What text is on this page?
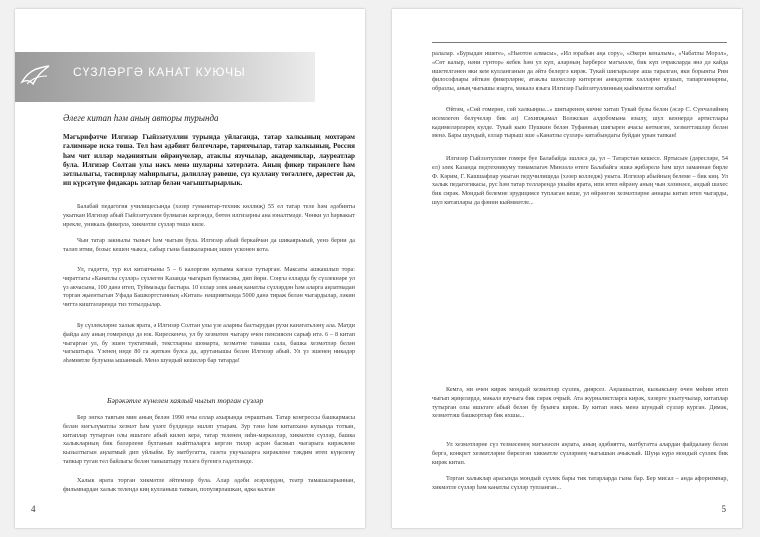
СҮЗЛӘРГӘ КАНАТ КУЮЧЫ
Әлеге китап һәм аның авторы турында
Мәгърифәтче Илгизәр Гыйззәтуллин турында уйлаганда, татар халкының мохтәрәм галимнәре искә төшә. Тел һәм әдәбият белгечләре, тарихчылар, татар халкының, Россия һәм чит илләр мәдәниятын өйрәнүчеләр, атаклы язучылар, академиклар, лауреатлар була. Илгизәр Солтан улы нәкъ менә шуларны хәтерләтә. Аның фикер тирәнлеге һәм зәтлылыгы, тасвирлау маһирлыгы, дәлилләү рәвеше, сүз куллану төгәллеге, дәрестән да, ип күрсәтүне фидакарь затлар белән чагыштырырлык.

Балабай педагогия училищесында (хәзер гуманитар-техник көллиҗ) 55 ел татар теле һәм әдәбияты укыткан Илгизәр абый Гыйззәтуллин булмаган кергәндә, бөтен илгизәрны ана юналтмәде. Чөнки ул һәрвакыт ирекле, уникаль фикерлә, хикмәтле сүзләр төшә киле.

Чын татар закнылы тыныч һәм чыгым була. Илгизәр абый беркайчан да шикаярьмый, уенэ берни да таләп итми, бозыс кешен чыкса, сабыр гына башкаларның эшен үсконен кота.

Ул, гадәттә, тур юл китапчыны 5 – 6 калоргәм кулъяма кәгазә тутырган. Максаты ашкашлып тора: чираттагы «Канатлы сүзләр» сүзлеген Казанда чыгарып булмасмы, дип йөри. Соңгы елларда бу сүзлекнәре ул үз акчасына, 100 данә итеп, Туймазыда бастыра. 10 еллар элек аның канатлы сүзләрдән һәм аларга аңлатмадан торган җыентыгын Уфада Башкортстанның «Китап» нәшриятында 5000 данә тираж белән чыгардылар, ләкин читтә киштәләрендә тиз тотылдылар.

Бу сүзлекләрне халык ярата, ә Илгизәр Солтан улы үзе аларны бастырудан рухи канәгатьләнү ала. Матди файда алу аның гомерендә дә юк. Кирескенчә, ул бу хезмәтен чыгару өчен пенсиясен сарыф итә. 6 – 8 китап чыгарган ул, бу эшен туктатмый, текстларны шомарта, хезмәтне тамаша сала, башка хезмәтләр белән чагыштыра. Үзенең инде 80 га җиткән булса да, арутанышы белән Илгизәр абый. Ул үз эшенең никадәр әһәмиятле булуына ышанмый. Менә шундый кешеләр бар татарда!

Бәрәкәтле күнелен хаялый чыгып торган сүзләр

Бер энгкә тавгым мин аның белән 1990 нчы еллар ахырында очраштым. Татар конгрессы башкармасы белән мәгълүматлы хезмәт һәм үзәге бүлдендә эшләп утырам. Зур тәнә һәм китапханә кулында тоткан, китаплар тутырган олы яшьтәге абый килеп керә, татар теленең зиһн-мәркәзләр, хикмәтле сүзләр, башка халыкларның бик бәләрлене булганын кыйтпаларга кергән тиләр асрән басмып чыгарыга кирәклене кызылтыгын аңлатмый дип уйлыйм. Бу матбугатта, газета укучыларга кирәклене тәкдим итеп күңеленү тапкыр туган тел байлыгы белән таныштыру теләгә бүгенгә гадәтләнде.

Халык ярата торган хикмәтле әйтемнәр була. Алар әдәби әсәрләрдән, театр тамашаларыннан, фильмнардан халык телендә киң кулланыш тапкан, популярлашкан, ядка калган

4

ралалар. «Бурыдан ишеге», «Ньютон алмасы», «Ил юрабын аңа сору», «Әкерн кеналым», «Чабатлы Морэл», «Сөт калыр, нәни гүнтор» кебек һәм ул күп, аларның һәрберсе мәгънәле, бик күп очракларда янә дә кайда ишетелгәнен яки кем кулланганын да әйтә белергә кирәк. Тукай шигырьләре аша таралган, яки борынгы Рим философлары әйткән фикерләрне, атаклы шәхесләр китергән анекдотик хәлләрне кушып, тапарганнарны, образлы, аның чыгышы язарга, мәкалә языга Илгизәр Гыйззәтуллинның кыйммәтле китабы!

Өйтәм, «Сөй гомерне, сөй халкыңны...» шигыренең кичне хитап Тукай булы белән (әсәр С. Сүнчәләйнең исемлеген белүчеләр бик аз) Сәхипҗамал Волжская алдобомына язылу, шул кеннердә артистлары кадимеләрләрең кулде. Тукай кыю Пушкин белән Туфанның шигырен ачасы көтмәгән, хезмәттәшләр белән менә. Бары шундый, еллар тырыш эше «Канатлы сүзләр» китабындагы буйдан урын тапкан!

Илгизәр Гыйззәтуллин гомере буе Балабайда эшләсә да, ул – Татарстан кешесе. Яртысын (дәресләре, 54 ел) элек Казанда педтехникуму тәмамлагач Минзәлә өтеге Балабайга эшкә җибәрелә һәм шул заманнан бирле Ф. Кәрим, Г. Кашшафлар укыган педучилищеда (хәзер колледж) укыта. Илгизәр абыйның белеме – бик киң. Ул халык педагогикасы, рус һәм татар телләрендә укыйм ярата, ипи итеп өйрәнү аның чын хәзинәсе, андый шәхес бик сирәк. Мондый белемне эрудициясе туплаган кеше, ул өйрәнгән хезмәтләрне аннары китап итеп чыгарды, шул китаплары да фәнни кыйммәтле...

Кемгә, ни өчен кирәк мондый хезмәтләр сүзлек, диярсез. Аңлашылган, кызыксыну өчен мөһим итеп чыгып җиңеләрдә, мәкалә язучыга бик сирәк очрый. Ата журналистларга кирәк, хәзерге укытучылар, китаплар тутырган олы яшьтәге абый белән бу буынга кирәк. Бу китап нәкъ менә шундый сүзләр курган. Димәк, хезмәттәш башкортлар бик яхшы...

Ул хезмәтләрне сүз тезмәсенең мәгънәсен аңлата, аның әдәбиятта, матбугатта алардан файдалану белән бергә, конкрет хезмәтләрне бирелгән хикмәтле сүзләрнең чыгышын ачыклый. Шуңа күрә мондый сүзлек бик кирәк китап.

Торган халыклар арасында мондый сүзлек бары тик татарларда гына бар. Бер мисал – анда афоризмнар, хикмәтле сүзләр һәм канатлы сүзләр тупланган...

5
